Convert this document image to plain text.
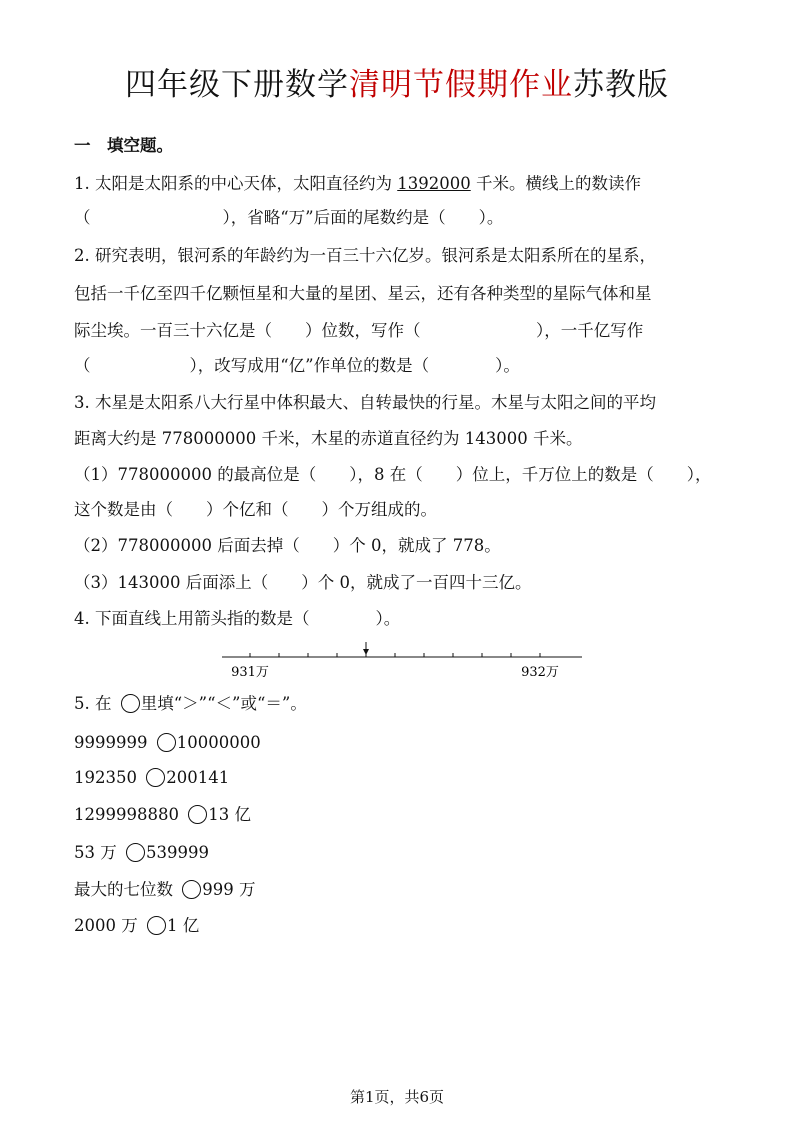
四年级下册数学清明节假期作业苏教版
一　填空题。
1. 太阳是太阳系的中心天体，太阳直径约为 1392000 千米。横线上的数读作
（　　　　　　　　），省略“万”后面的尾数约是（　　）。
2. 研究表明，银河系的年龄约为一百三十六亿岁。银河系是太阳系所在的星系，
包括一千亿至四千亿颗恒星和大量的星团、星云，还有各种类型的星际气体和星
际尘埃。一百三十六亿是（　　）位数，写作（　　　　　　　），一千亿写作
（　　　　　　），改写成用“亿”作单位的数是（　　　　）。
3. 木星是太阳系八大行星中体积最大、自转最快的行星。木星与太阳之间的平均
距离大约是 778000000 千米，木星的赤道直径约为 143000 千米。
（1）778000000 的最高位是（　　），8 在（　　）位上，千万位上的数是（　　），
这个数是由（　　）个亿和（　　）个万组成的。
（2）778000000 后面去掉（　　）个 0，就成了 778。
（3）143000 后面添上（　　）个 0，就成了一百四十三亿。
4. 下面直线上用箭头指的数是（　　　　）。
931万	932万
5. 在 里填“＞”“＜”或“＝”。
9999999 10000000
192350 200141
1299998880 13 亿
53 万 539999
最大的七位数 999 万
2000 万 1 亿
第1页，共6页
